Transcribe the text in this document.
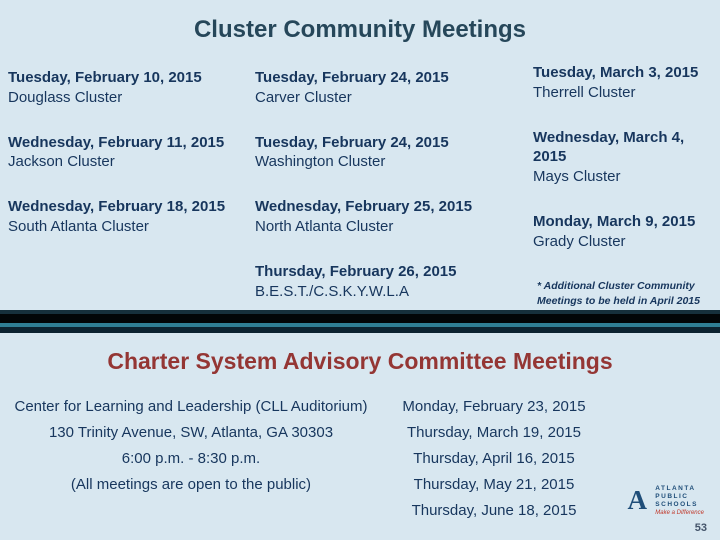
Cluster Community Meetings
Tuesday, February 10, 2015
Douglass Cluster
Wednesday, February 11, 2015
Jackson Cluster
Wednesday, February 18, 2015
South Atlanta Cluster
Tuesday, February 24, 2015
Carver Cluster
Tuesday, February 24, 2015
Washington Cluster
Wednesday, February 25, 2015
North Atlanta Cluster
Thursday, February 26, 2015
B.E.S.T./C.S.K.Y.W.L.A
Tuesday, March 3, 2015
Therrell Cluster
Wednesday, March 4, 2015
Mays Cluster
Monday, March 9, 2015
Grady Cluster
* Additional Cluster Community Meetings to be held in April 2015
Charter System Advisory Committee Meetings
Center for Learning and Leadership (CLL Auditorium)
130 Trinity Avenue, SW, Atlanta, GA 30303
6:00 p.m. - 8:30 p.m.
(All meetings are open to the public)
Monday, February 23, 2015
Thursday, March 19, 2015
Thursday, April 16, 2015
Thursday, May 21, 2015
Thursday, June 18, 2015	A	ATLANTA
PUBLIC
SCHOOLS
Make a Difference
53
